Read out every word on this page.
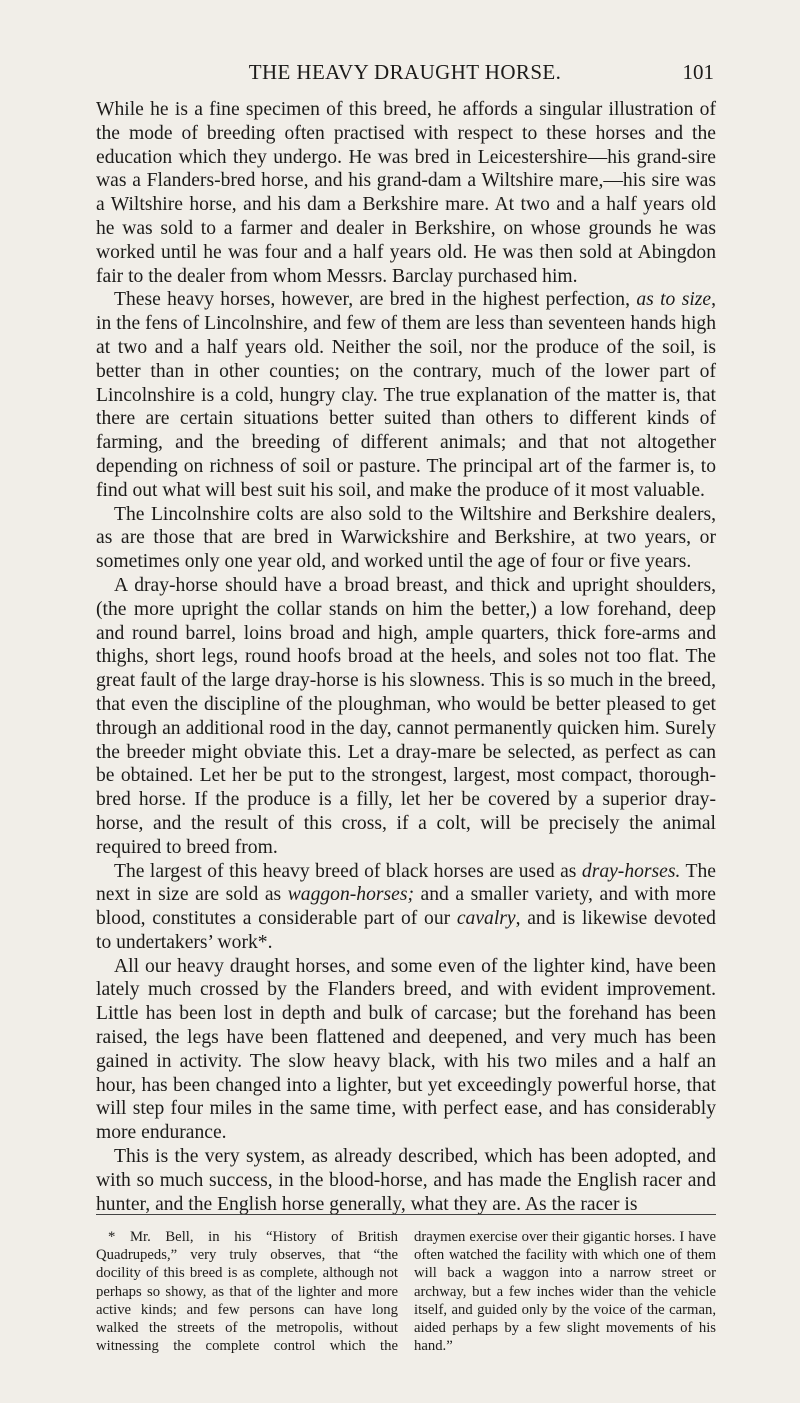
THE HEAVY DRAUGHT HORSE.	101

While he is a fine specimen of this breed, he affords a singular illustration of the mode of breeding often practised with respect to these horses and the education which they undergo. He was bred in Leicestershire—his grand-sire was a Flanders-bred horse, and his grand-dam a Wiltshire mare,—his sire was a Wiltshire horse, and his dam a Berkshire mare. At two and a half years old he was sold to a farmer and dealer in Berkshire, on whose grounds he was worked until he was four and a half years old. He was then sold at Abingdon fair to the dealer from whom Messrs. Barclay purchased him.

These heavy horses, however, are bred in the highest perfection, as to size, in the fens of Lincolnshire, and few of them are less than seventeen hands high at two and a half years old. Neither the soil, nor the produce of the soil, is better than in other counties; on the contrary, much of the lower part of Lincolnshire is a cold, hungry clay. The true explanation of the matter is, that there are certain situations better suited than others to different kinds of farming, and the breeding of different animals; and that not altogether depending on richness of soil or pasture. The principal art of the farmer is, to find out what will best suit his soil, and make the produce of it most valuable.

The Lincolnshire colts are also sold to the Wiltshire and Berkshire dealers, as are those that are bred in Warwickshire and Berkshire, at two years, or sometimes only one year old, and worked until the age of four or five years.

A dray-horse should have a broad breast, and thick and upright shoulders, (the more upright the collar stands on him the better,) a low forehand, deep and round barrel, loins broad and high, ample quarters, thick fore-arms and thighs, short legs, round hoofs broad at the heels, and soles not too flat. The great fault of the large dray-horse is his slowness. This is so much in the breed, that even the discipline of the ploughman, who would be better pleased to get through an additional rood in the day, cannot permanently quicken him. Surely the breeder might obviate this. Let a dray-mare be selected, as perfect as can be obtained. Let her be put to the strongest, largest, most compact, thorough-bred horse. If the produce is a filly, let her be covered by a superior dray-horse, and the result of this cross, if a colt, will be precisely the animal required to breed from.

The largest of this heavy breed of black horses are used as dray-horses. The next in size are sold as waggon-horses; and a smaller variety, and with more blood, constitutes a considerable part of our cavalry, and is likewise devoted to undertakers’ work*.

All our heavy draught horses, and some even of the lighter kind, have been lately much crossed by the Flanders breed, and with evident improvement. Little has been lost in depth and bulk of carcase; but the forehand has been raised, the legs have been flattened and deepened, and very much has been gained in activity. The slow heavy black, with his two miles and a half an hour, has been changed into a lighter, but yet exceedingly powerful horse, that will step four miles in the same time, with perfect ease, and has considerably more endurance.

This is the very system, as already described, which has been adopted, and with so much success, in the blood-horse, and has made the English racer and hunter, and the English horse generally, what they are. As the racer is

* Mr. Bell, in his “History of British Quadrupeds,” very truly observes, that “the docility of this breed is as complete, although not perhaps so showy, as that of the lighter and more active kinds; and few persons can have long walked the streets of the metropolis, without witnessing the complete control which the draymen exercise over their gigantic horses. I have often watched the facility with which one of them will back a waggon into a narrow street or archway, but a few inches wider than the vehicle itself, and guided only by the voice of the carman, aided perhaps by a few slight movements of his hand.”
